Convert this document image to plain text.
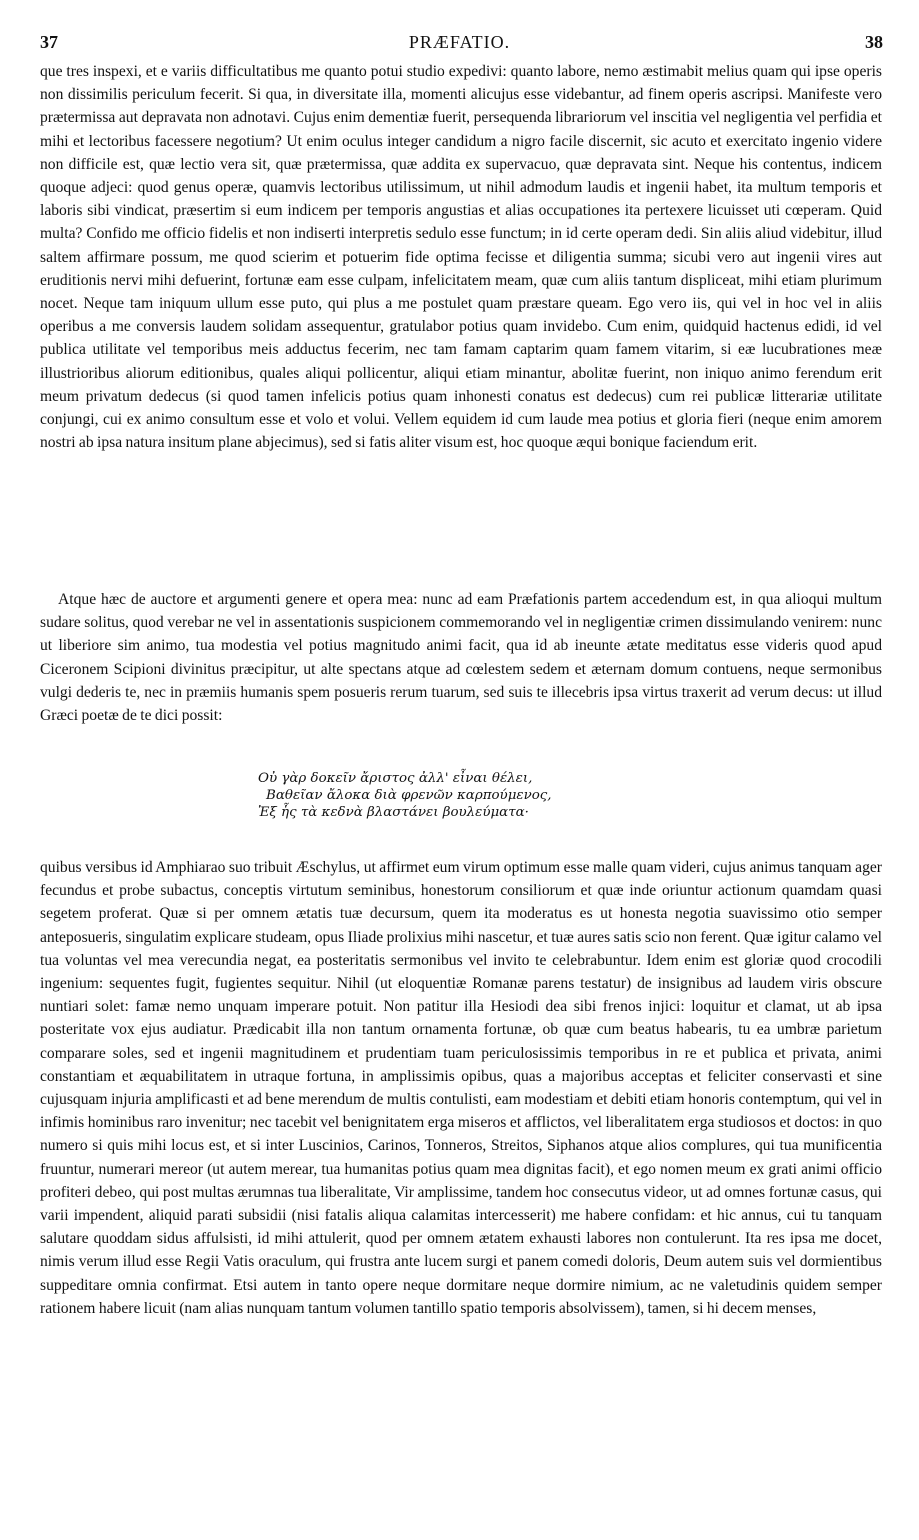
37	PRÆFATIO.	38

que tres inspexi, et e variis difficultatibus me quanto potui studio expedivi: quanto labore, nemo æstimabit melius quam qui ipse operis non dissimilis periculum fecerit. Si qua, in diversitate illa, momenti alicujus esse videbantur, ad finem operis ascripsi. Manifeste vero prætermissa aut depravata non adnotavi. Cujus enim dementiæ fuerit, persequenda librariorum vel inscitia vel negligentia vel perfidia et mihi et lectoribus facessere negotium? Ut enim oculus integer candidum a nigro facile discernit, sic acuto et exercitato ingenio videre non difficile est, quæ lectio vera sit, quæ prætermissa, quæ addita ex supervacuo, quæ depravata sint. Neque his contentus, indicem quoque adjeci: quod genus operæ, quamvis lectoribus utilissimum, ut nihil admodum laudis et ingenii habet, ita multum temporis et laboris sibi vindicat, præsertim si eum indicem per temporis angustias et alias occupationes ita pertexere licuisset uti cœperam. Quid multa? Confido me officio fidelis et non indiserti interpretis sedulo esse functum; in id certe operam dedi. Sin aliis aliud videbitur, illud saltem affirmare possum, me quod scierim et potuerim fide optima fecisse et diligentia summa; sicubi vero aut ingenii vires aut eruditionis nervi mihi defuerint, fortunæ eam esse culpam, infelicitatem meam, quæ cum aliis tantum displiceat, mihi etiam plurimum nocet. Neque tam iniquum ullum esse puto, qui plus a me postulet quam præstare queam. Ego vero iis, qui vel in hoc vel in aliis operibus a me conversis laudem solidam assequentur, gratulabor potius quam invidebo. Cum enim, quidquid hactenus edidi, id vel publica utilitate vel temporibus meis adductus fecerim, nec tam famam captarim quam famem vitarim, si eæ lucubrationes meæ illustrioribus aliorum editionibus, quales aliqui pollicentur, aliqui etiam minantur, abolitæ fuerint, non iniquo animo ferendum erit meum privatum dedecus (si quod tamen infelicis potius quam inhonesti conatus est dedecus) cum rei publicæ litterariæ utilitate conjungi, cui ex animo consultum esse et volo et volui. Vellem equidem id cum laude mea potius et gloria fieri (neque enim amorem nostri ab ipsa natura insitum plane abjecimus), sed si fatis aliter visum est, hoc quoque æqui bonique faciendum erit.

Atque hæc de auctore et argumenti genere et opera mea: nunc ad eam Præfationis partem accedendum est, in qua alioqui multum sudare solitus, quod verebar ne vel in assentationis suspicionem commemorando vel in negligentiæ crimen dissimulando venirem: nunc ut liberiore sim animo, tua modestia vel potius magnitudo animi facit, qua id ab ineunte ætate meditatus esse videris quod apud Ciceronem Scipioni divinitus præcipitur, ut alte spectans atque ad cœlestem sedem et æternam domum contuens, neque sermonibus vulgi dederis te, nec in præmiis humanis spem posueris rerum tuarum, sed suis te illecebris ipsa virtus traxerit ad verum decus: ut illud Græci poetæ de te dici possit:

Οὐ γὰρ δοκεῖν ἄριστος ἀλλ' εἶναι θέλει,
Βαθεῖαν ἄλοκα διὰ φρενῶν καρπούμενος,
Ἐξ ἧς τὰ κεδνὰ βλαστάνει βουλεύματα·

quibus versibus id Amphiarao suo tribuit Æschylus, ut affirmet eum virum optimum esse malle quam videri, cujus animus tanquam ager fecundus et probe subactus, conceptis virtutum seminibus, honestorum consiliorum et quæ inde oriuntur actionum quamdam quasi segetem proferat. Quæ si per omnem ætatis tuæ decursum, quem ita moderatus es ut honesta negotia suavissimo otio semper anteposueris, singulatim explicare studeam, opus Iliade prolixius mihi nascetur, et tuæ aures satis scio non ferent. Quæ igitur calamo vel tua voluntas vel mea verecundia negat, ea posteritatis sermonibus vel invito te celebrabuntur. Idem enim est gloriæ quod crocodili ingenium: sequentes fugit, fugientes sequitur. Nihil (ut eloquentiæ Romanæ parens testatur) de insignibus ad laudem viris obscure nuntiari solet: famæ nemo unquam imperare potuit. Non patitur illa Hesiodi dea sibi frenos injici: loquitur et clamat, ut ab ipsa posteritate vox ejus audiatur. Prædicabit illa non tantum ornamenta fortunæ, ob quæ cum beatus habearis, tu ea umbræ parietum comparare soles, sed et ingenii magnitudinem et prudentiam tuam periculosissimis temporibus in re et publica et privata, animi constantiam et æquabilitatem in utraque fortuna, in amplissimis opibus, quas a majoribus acceptas et feliciter conservasti et sine cujusquam injuria amplificasti et ad bene merendum de multis contulisti, eam modestiam et debiti etiam honoris contemptum, qui vel in infimis hominibus raro invenitur; nec tacebit vel benignitatem erga miseros et afflictos, vel liberalitatem erga studiosos et doctos: in quo numero si quis mihi locus est, et si inter Luscinios, Carinos, Tonneros, Streitos, Siphanos atque alios complures, qui tua munificentia fruuntur, numerari mereor (ut autem merear, tua humanitas potius quam mea dignitas facit), et ego nomen meum ex grati animi officio profiteri debeo, qui post multas ærumnas tua liberalitate, Vir amplissime, tandem hoc consecutus videor, ut ad omnes fortunæ casus, qui varii impendent, aliquid parati subsidii (nisi fatalis aliqua calamitas intercesserit) me habere confidam: et hic annus, cui tu tanquam salutare quoddam sidus affulsisti, id mihi attulerit, quod per omnem ætatem exhausti labores non contulerunt. Ita res ipsa me docet, nimis verum illud esse Regii Vatis oraculum, qui frustra ante lucem surgi et panem comedi doloris, Deum autem suis vel dormientibus suppeditare omnia confirmat. Etsi autem in tanto opere neque dormitare neque dormire nimium, ac ne valetudinis quidem semper rationem habere licuit (nam alias nunquam tantum volumen tantillo spatio temporis absolvissem), tamen, si hi decem menses,
